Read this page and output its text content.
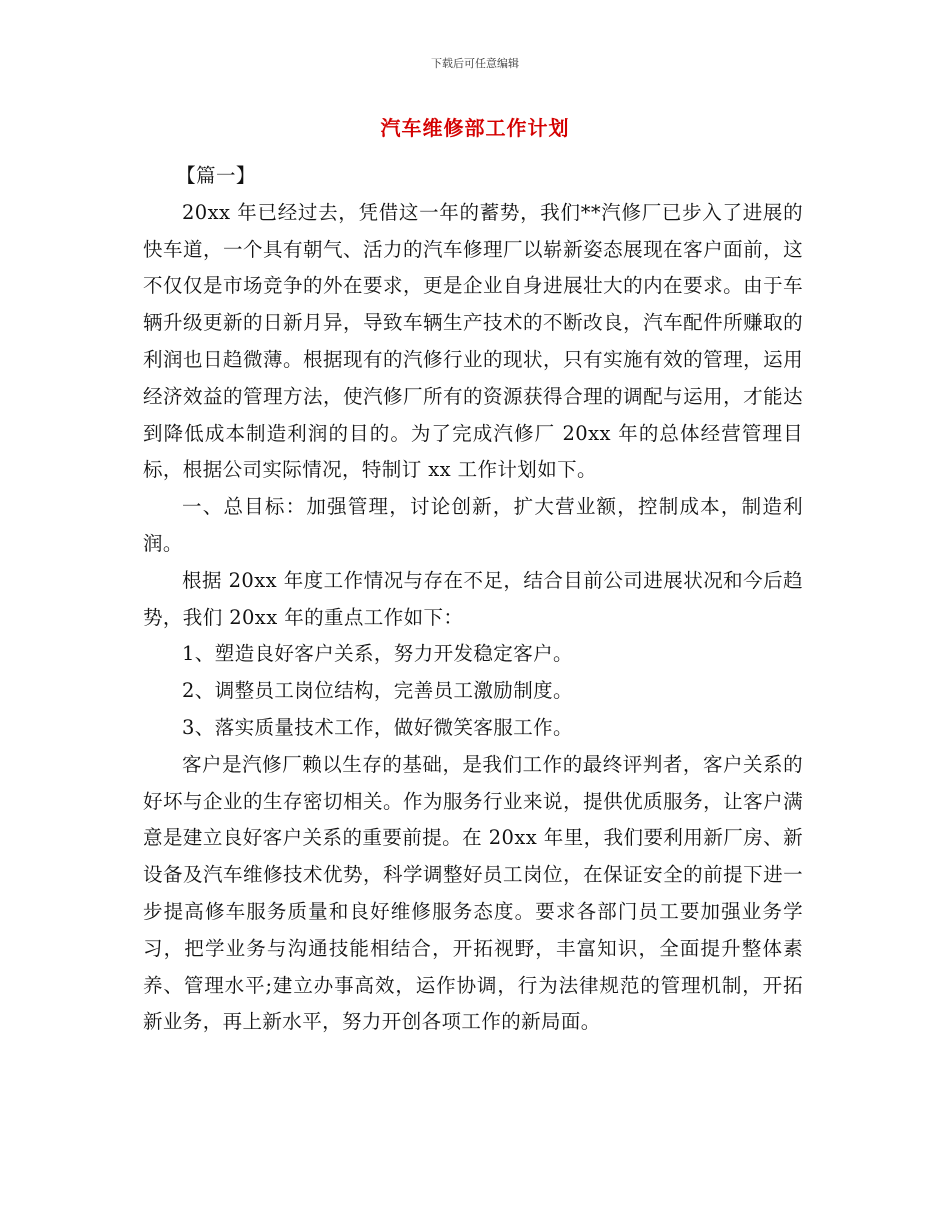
下载后可任意编辑
汽车维修部工作计划

【篇一】

20xx 年已经过去，凭借这一年的蓄势，我们**汽修厂已步入了进展的快车道，一个具有朝气、活力的汽车修理厂以崭新姿态展现在客户面前，这不仅仅是市场竞争的外在要求，更是企业自身进展壮大的内在要求。由于车辆升级更新的日新月异，导致车辆生产技术的不断改良，汽车配件所赚取的利润也日趋微薄。根据现有的汽修行业的现状，只有实施有效的管理，运用经济效益的管理方法，使汽修厂所有的资源获得合理的调配与运用，才能达到降低成本制造利润的目的。为了完成汽修厂 20xx 年的总体经营管理目标，根据公司实际情况，特制订 xx 工作计划如下。

一、总目标：加强管理，讨论创新，扩大营业额，控制成本，制造利润。

根据 20xx 年度工作情况与存在不足，结合目前公司进展状况和今后趋势，我们 20xx 年的重点工作如下：

1、塑造良好客户关系，努力开发稳定客户。

2、调整员工岗位结构，完善员工激励制度。

3、落实质量技术工作，做好微笑客服工作。

客户是汽修厂赖以生存的基础，是我们工作的最终评判者，客户关系的好坏与企业的生存密切相关。作为服务行业来说，提供优质服务，让客户满意是建立良好客户关系的重要前提。在 20xx 年里，我们要利用新厂房、新设备及汽车维修技术优势，科学调整好员工岗位，在保证安全的前提下进一步提高修车服务质量和良好维修服务态度。要求各部门员工要加强业务学习，把学业务与沟通技能相结合，开拓视野，丰富知识，全面提升整体素养、管理水平;建立办事高效，运作协调，行为法律规范的管理机制，开拓新业务，再上新水平，努力开创各项工作的新局面。
